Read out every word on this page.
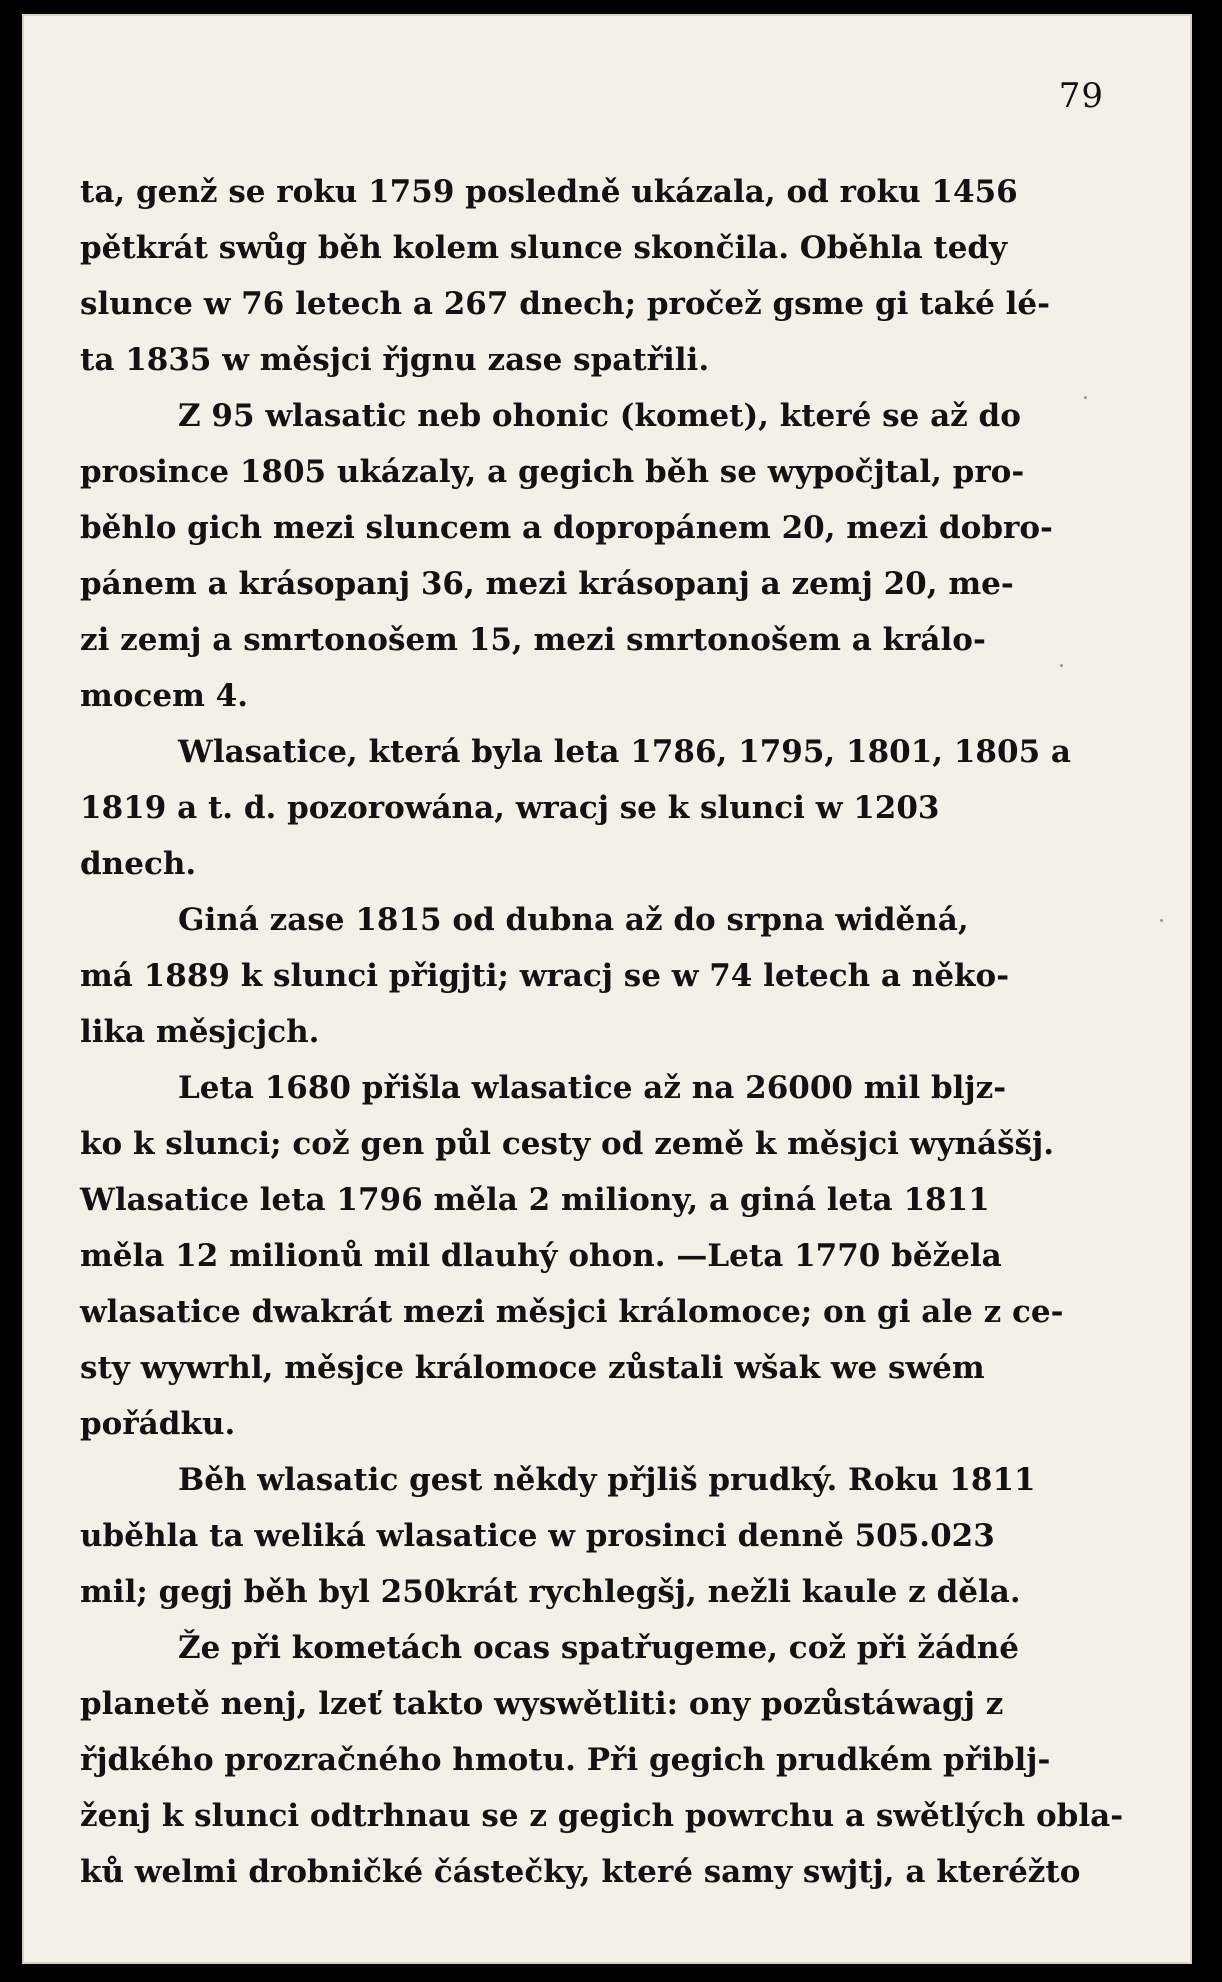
79
ta, genž se roku 1759 posledně ukázala, od roku 1456
pětkrát swůg běh kolem slunce skončila. Oběhla tedy
slunce w 76 letech a 267 dnech; pročež gsme gi také lé-
ta 1835 w měsjci řjgnu zase spatřili.
Z 95 wlasatic neb ohonic (komet), které se až do
prosince 1805 ukázaly, a gegich běh se wypočjtal, pro-
běhlo gich mezi sluncem a dopropánem 20, mezi dobro-
pánem a krásopanj 36, mezi krásopanj a zemj 20, me-
zi zemj a smrtonošem 15, mezi smrtonošem a králo-
mocem 4.
Wlasatice, která byla leta 1786, 1795, 1801, 1805 a
1819 a t. d. pozorowána, wracj se k slunci w 1203
dnech.
Giná zase 1815 od dubna až do srpna widěná,
má 1889 k slunci přigjti; wracj se w 74 letech a něko-
lika měsjcjch.
Leta 1680 přišla wlasatice až na 26000 mil blјz-
ko k slunci; což gen půl cesty od země k měsjci wynáššj.
Wlasatice leta 1796 měla 2 miliony, a giná leta 1811
měla 12 milionů mil dlauhý ohon. —Leta 1770 běžela
wlasatice dwakrát mezi měsjci králomoce; on gi ale z ce-
sty wywrhl, měsjce králomoce zůstali wšak we swém
pořádku.
Běh wlasatic gest někdy přjliš prudký. Roku 1811
uběhla ta weliká wlasatice w prosinci denně 505.023
mil; gegj běh byl 250krát rychlegšj, nežli kaule z děla.
Že při kometách ocas spatřugeme, což při žádné
planetě nenj, lzeť takto wyswětliti: ony pozůstáwagj z
řjdkého prozračného hmotu. Při gegich prudkém přiblj-
ženj k slunci odtrhnau se z gegich powrchu a swětlých obla-
ků welmi drobničké částečky, které samy swjtj, a kteréžto
